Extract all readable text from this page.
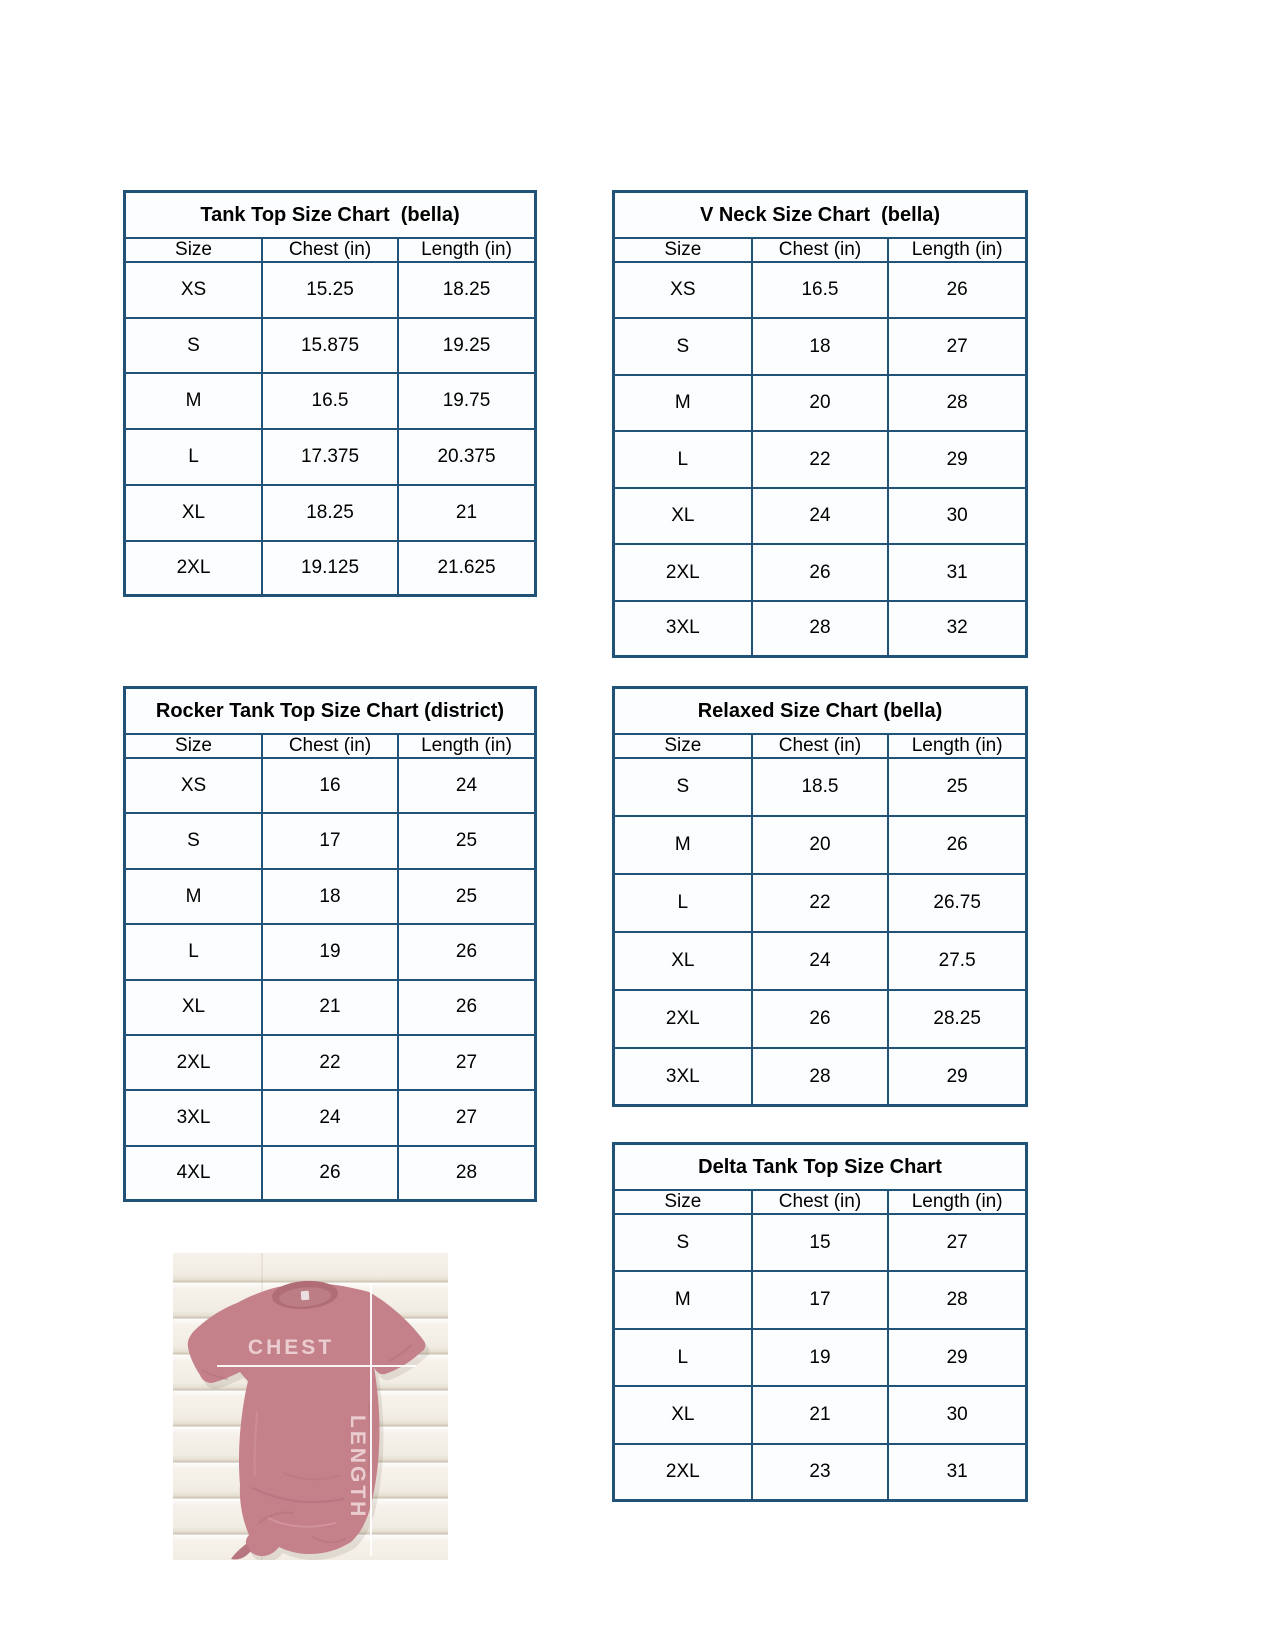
Tank Top Size Chart  (bella)
Size	Chest (in)	Length (in)
XS	15.25	18.25
S	15.875	19.25
M	16.5	19.75
L	17.375	20.375
XL	18.25	21
2XL	19.125	21.625
V Neck Size Chart  (bella)
Size	Chest (in)	Length (in)
XS	16.5	26
S	18	27
M	20	28
L	22	29
XL	24	30
2XL	26	31
3XL	28	32
Rocker Tank Top Size Chart (district)
Size	Chest (in)	Length (in)
XS	16	24
S	17	25
M	18	25
L	19	26
XL	21	26
2XL	22	27
3XL	24	27
4XL	26	28
Relaxed Size Chart (bella)
Size	Chest (in)	Length (in)
S	18.5	25
M	20	26
L	22	26.75
XL	24	27.5
2XL	26	28.25
3XL	28	29
Delta Tank Top Size Chart
Size	Chest (in)	Length (in)
S	15	27
M	17	28
L	19	29
XL	21	30
2XL	23	31
CHEST
LENGTH
